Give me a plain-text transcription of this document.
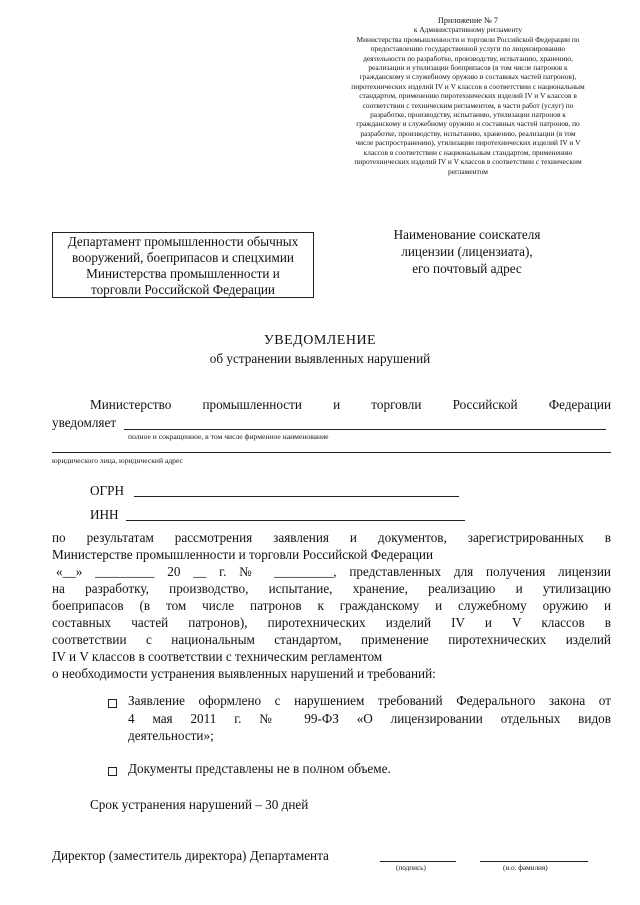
Приложение № 7
к Административному регламенту
Министерства промышленности и торговли Российской Федерации по
предоставлению государственной услуги по лицензированию
деятельности по разработке, производству, испытанию, хранению,
реализации и утилизации боеприпасов (в том числе патронов к
гражданскому и служебному оружию и составных частей патронов),
пиротехнических изделий IV и V классов в соответствии с национальным
стандартом, применению пиротехнических изделий IV и V классов в
соответствии с техническим регламентом, в части работ (услуг) по
разработке, производству, испытанию, утилизации патронов к
гражданскому и служебному оружию и составных частей патронов, по
разработке, производству, испытанию, хранению, реализации (в том
числе распространению), утилизации пиротехнических изделий IV и V
классов в соответствии с национальным стандартом, применению
пиротехнических изделий IV и V классов в соответствии с техническим
регламентом
Департамент промышленности обычных
вооружений, боеприпасов и спецхимии
Министерства промышленности и
торговли Российской Федерации
Наименование соискателя
лицензии (лицензиата),
его почтовый адрес
УВЕДОМЛЕНИЕ
об устранении выявленных нарушений
Министерство промышленности и торговли Российской Федерации
уведомляет
полное и сокращенное, в том числе фирменное наименование
юридического лица, юридический адрес
ОГРН
ИНН
по результатам рассмотрения заявления и документов, зарегистрированных в
Министерстве промышленности и торговли Российской Федерации
«__» _________ 20 __ г. № _________, представленных для получения лицензии
на разработку, производство, испытание, хранение, реализацию и утилизацию
боеприпасов (в том числе патронов к гражданскому и служебному оружию и
составных частей патронов), пиротехнических изделий IV и V классов в
соответствии с национальным стандартом, применение пиротехнических изделий
IV и V классов в соответствии с техническим регламентом
о необходимости устранения выявленных нарушений и требований:
Заявление оформлено с нарушением требований Федерального закона от
4 мая 2011 г. № 99-ФЗ «О лицензировании отдельных видов
деятельности»;
Документы представлены не в полном объеме.
Срок устранения нарушений – 30 дней
Директор (заместитель директора) Департамента
(подпись)	(и.о. фамилия)
